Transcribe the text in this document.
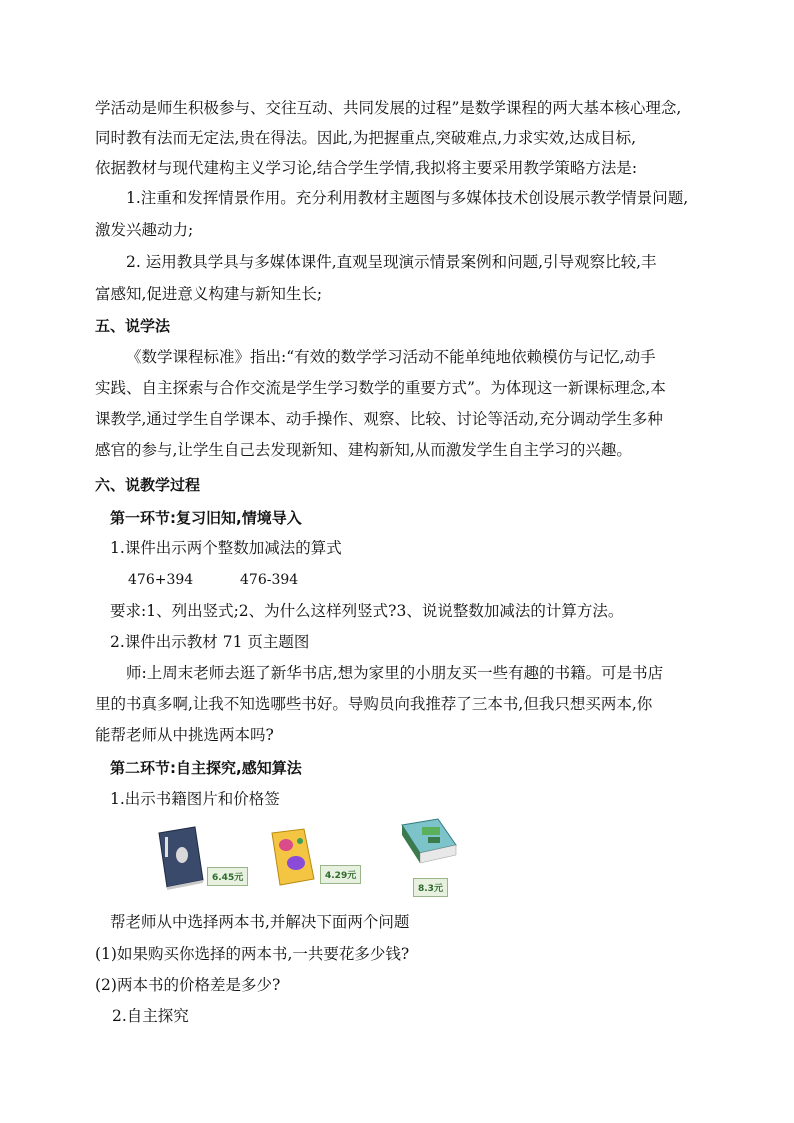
学活动是师生积极参与、交往互动、共同发展的过程”是数学课程的两大基本核心理念,
同时教有法而无定法,贵在得法。因此,为把握重点,突破难点,力求实效,达成目标,
依据教材与现代建构主义学习论,结合学生学情,我拟将主要采用教学策略方法是:
1.注重和发挥情景作用。充分利用教材主题图与多媒体技术创设展示教学情景问题,
激发兴趣动力;
2. 运用教具学具与多媒体课件,直观呈现演示情景案例和问题,引导观察比较,丰
富感知,促进意义构建与新知生长;
五、说学法
《数学课程标准》指出:“有效的数学学习活动不能单纯地依赖模仿与记忆,动手
实践、自主探索与合作交流是学生学习数学的重要方式”。为体现这一新课标理念,本
课教学,通过学生自学课本、动手操作、观察、比较、讨论等活动,充分调动学生多种
感官的参与,让学生自己去发现新知、建构新知,从而激发学生自主学习的兴趣。
六、说教学过程
第一环节:复习旧知,情境导入
1.课件出示两个整数加减法的算式
476+394	476-394
要求:1、列出竖式;2、为什么这样列竖式?3、说说整数加减法的计算方法。
2.课件出示教材 71 页主题图
师:上周末老师去逛了新华书店,想为家里的小朋友买一些有趣的书籍。可是书店
里的书真多啊,让我不知选哪些书好。导购员向我推荐了三本书,但我只想买两本,你
能帮老师从中挑选两本吗?
第二环节:自主探究,感知算法
1.出示书籍图片和价格签
6.45元	4.29元
8.3元
帮老师从中选择两本书,并解决下面两个问题
(1)如果购买你选择的两本书,一共要花多少钱?
(2)两本书的价格差是多少?
2.自主探究
